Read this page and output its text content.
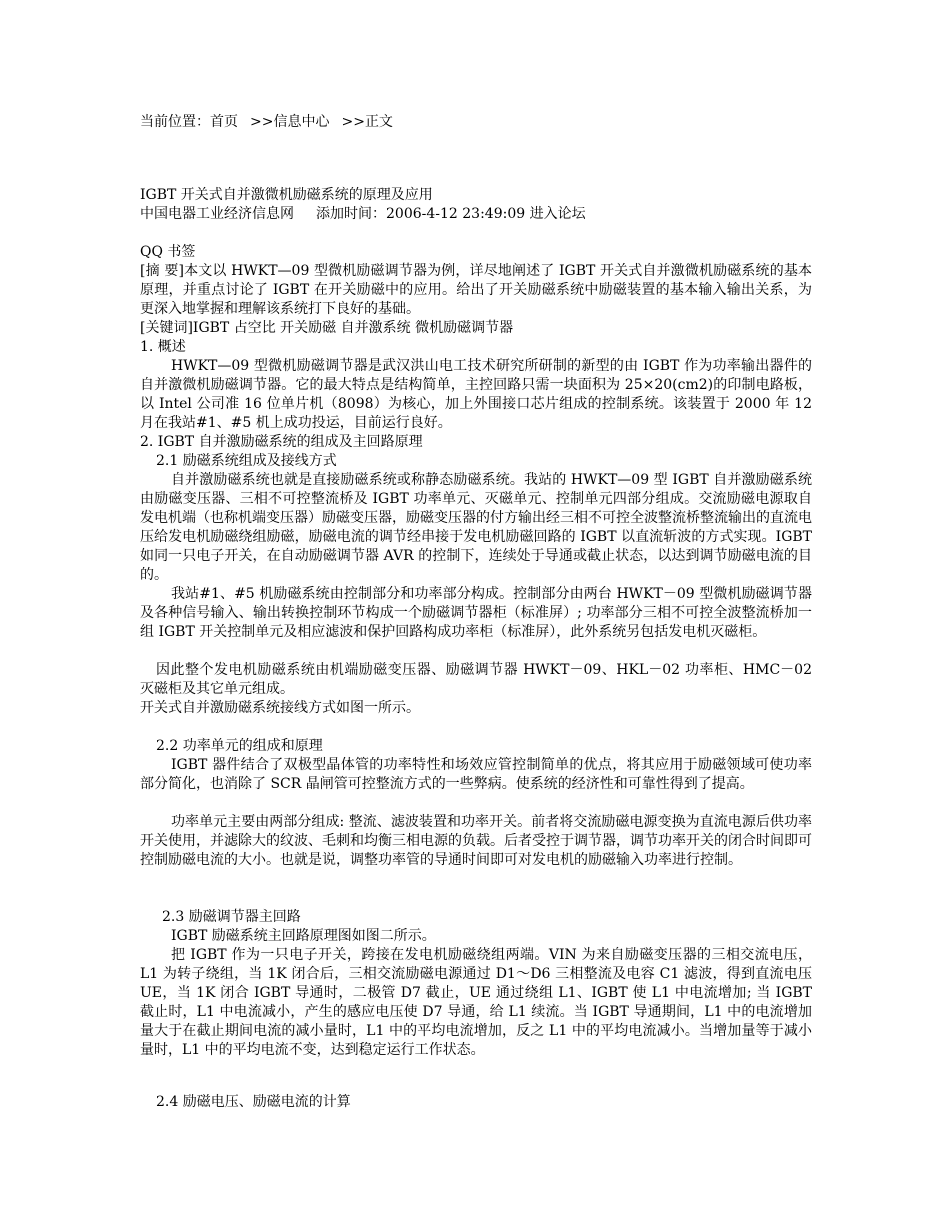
当前位置：首页 >>信息中心 >>正文
IGBT 开关式自并激微机励磁系统的原理及应用
中国电器工业经济信息网 添加时间：2006-4-12 23:49:09 进入论坛
QQ 书签
[摘 要]本文以 HWKT—09 型微机励磁调节器为例，详尽地阐述了 IGBT 开关式自并激微机励磁系统的基本原理，并重点讨论了 IGBT 在开关励磁中的应用。给出了开关励磁系统中励磁装置的基本输入输出关系，为更深入地掌握和理解该系统打下良好的基础。
[关键词]IGBT 占空比 开关励磁 自并激系统 微机励磁调节器
1. 概述
HWKT—09 型微机励磁调节器是武汉洪山电工技术研究所研制的新型的由 IGBT 作为功率输出器件的自并激微机励磁调节器。它的最大特点是结构简单，主控回路只需一块面积为 25×20(cm2)的印制电路板，以 Intel 公司准 16 位单片机（8098）为核心，加上外围接口芯片组成的控制系统。该装置于 2000 年 12 月在我站#1、#5 机上成功投运，目前运行良好。
2. IGBT 自并激励磁系统的组成及主回路原理
2.1 励磁系统组成及接线方式
自并激励磁系统也就是直接励磁系统或称静态励磁系统。我站的 HWKT—09 型 IGBT 自并激励磁系统由励磁变压器、三相不可控整流桥及 IGBT 功率单元、灭磁单元、控制单元四部分组成。交流励磁电源取自发电机端（也称机端变压器）励磁变压器，励磁变压器的付方输出经三相不可控全波整流桥整流输出的直流电压给发电机励磁绕组励磁，励磁电流的调节经串接于发电机励磁回路的 IGBT 以直流斩波的方式实现。IGBT 如同一只电子开关，在自动励磁调节器 AVR 的控制下，连续处于导通或截止状态，以达到调节励磁电流的目的。
我站#1、#5 机励磁系统由控制部分和功率部分构成。控制部分由两台 HWKT－09 型微机励磁调节器及各种信号输入、输出转换控制环节构成一个励磁调节器柜（标准屏）; 功率部分三相不可控全波整流桥加一组 IGBT 开关控制单元及相应滤波和保护回路构成功率柜（标准屏），此外系统另包括发电机灭磁柜。
因此整个发电机励磁系统由机端励磁变压器、励磁调节器 HWKT－09、HKL－02 功率柜、HMC－02 灭磁柜及其它单元组成。
开关式自并激励磁系统接线方式如图一所示。
2.2 功率单元的组成和原理
IGBT 器件结合了双极型晶体管的功率特性和场效应管控制简单的优点，将其应用于励磁领域可使功率部分简化，也消除了 SCR 晶闸管可控整流方式的一些弊病。使系统的经济性和可靠性得到了提高。
功率单元主要由两部分组成: 整流、滤波装置和功率开关。前者将交流励磁电源变换为直流电源后供功率开关使用，并滤除大的纹波、毛刺和均衡三相电源的负载。后者受控于调节器，调节功率开关的闭合时间即可控制励磁电流的大小。也就是说，调整功率管的导通时间即可对发电机的励磁输入功率进行控制。
2.3 励磁调节器主回路
IGBT 励磁系统主回路原理图如图二所示。
把 IGBT 作为一只电子开关，跨接在发电机励磁绕组两端。VIN 为来自励磁变压器的三相交流电压，L1 为转子绕组，当 1K 闭合后，三相交流励磁电源通过 D1～D6 三相整流及电容 C1 滤波，得到直流电压 UE，当 1K 闭合 IGBT 导通时，二极管 D7 截止，UE 通过绕组 L1、IGBT 使 L1 中电流增加; 当 IGBT 截止时，L1 中电流减小，产生的感应电压使 D7 导通，给 L1 续流。当 IGBT 导通期间，L1 中的电流增加量大于在截止期间电流的减小量时，L1 中的平均电流增加，反之 L1 中的平均电流减小。当增加量等于减小量时，L1 中的平均电流不变，达到稳定运行工作状态。
2.4 励磁电压、励磁电流的计算
